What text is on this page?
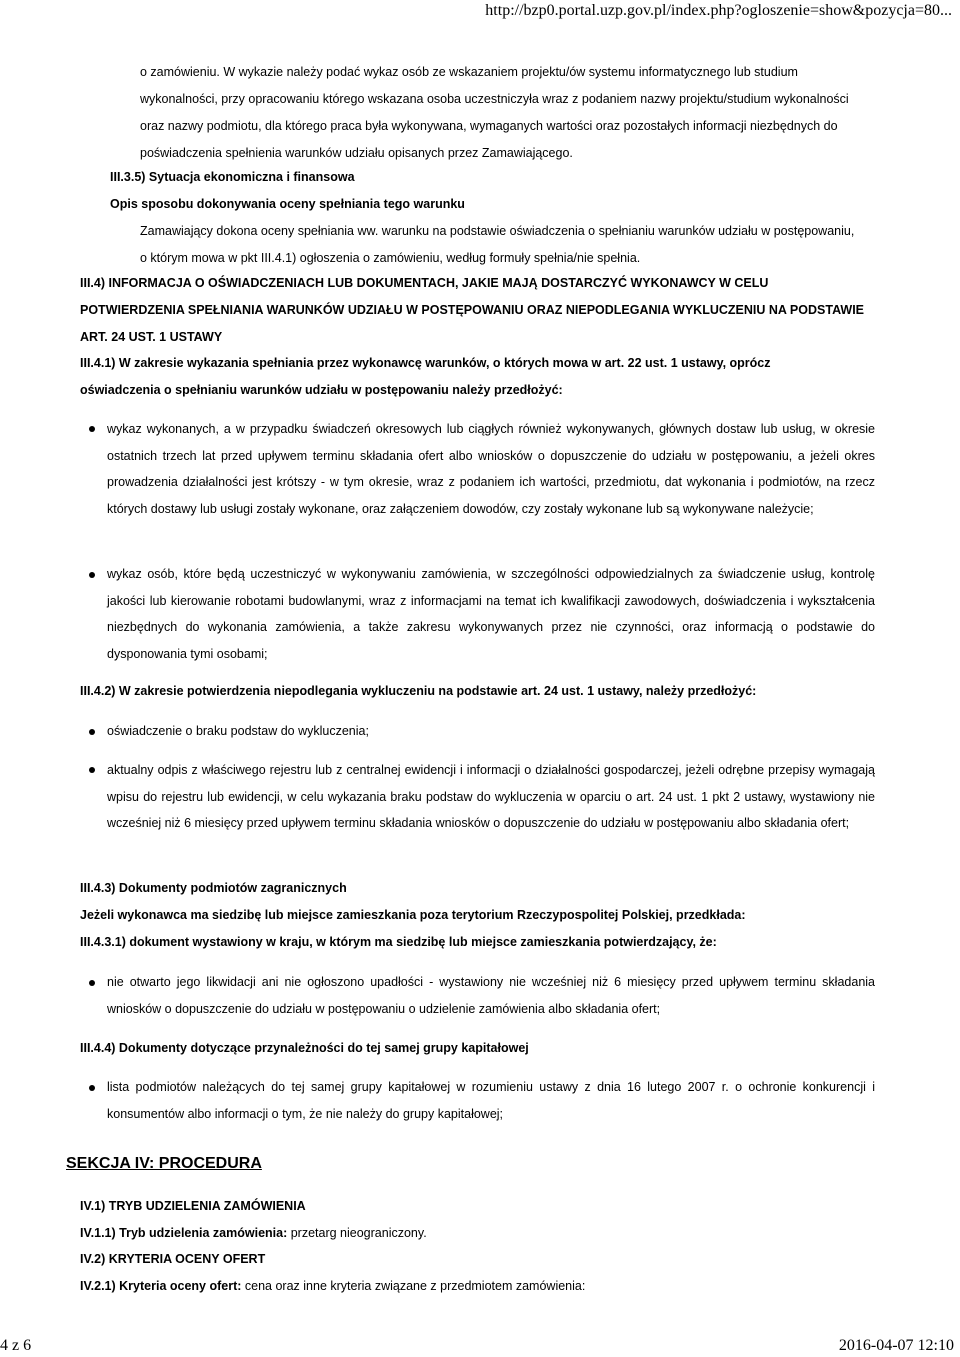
http://bzp0.portal.uzp.gov.pl/index.php?ogloszenie=show&pozycja=80...
o zamówieniu. W wykazie należy podać wykaz osób ze wskazaniem projektu/ów systemu informatycznego lub studium
wykonalności, przy opracowaniu którego wskazana osoba uczestniczyła wraz z podaniem nazwy projektu/studium wykonalności
oraz nazwy podmiotu, dla którego praca była wykonywana, wymaganych wartości oraz pozostałych informacji niezbędnych do
poświadczenia spełnienia warunków udziału opisanych przez Zamawiającego.
III.3.5) Sytuacja ekonomiczna i finansowa
Opis sposobu dokonywania oceny spełniania tego warunku
Zamawiający dokona oceny spełniania ww. warunku na podstawie oświadczenia o spełnianiu warunków udziału w postępowaniu,
o którym mowa w pkt III.4.1) ogłoszenia o zamówieniu, według formuły spełnia/nie spełnia.
III.4) INFORMACJA O OŚWIADCZENIACH LUB DOKUMENTACH, JAKIE MAJĄ DOSTARCZYĆ WYKONAWCY W CELU
POTWIERDZENIA SPEŁNIANIA WARUNKÓW UDZIAŁU W POSTĘPOWANIU ORAZ NIEPODLEGANIA WYKLUCZENIU NA PODSTAWIE
ART. 24 UST. 1 USTAWY
III.4.1) W zakresie wykazania spełniania przez wykonawcę warunków, o których mowa w art. 22 ust. 1 ustawy, oprócz
oświadczenia o spełnianiu warunków udziału w postępowaniu należy przedłożyć:
wykaz wykonanych, a w przypadku świadczeń okresowych lub ciągłych również wykonywanych, głównych dostaw lub usług, w okresie ostatnich trzech lat przed upływem terminu składania ofert albo wniosków o dopuszczenie do udziału w postępowaniu, a jeżeli okres prowadzenia działalności jest krótszy - w tym okresie, wraz z podaniem ich wartości, przedmiotu, dat wykonania i podmiotów, na rzecz których dostawy lub usługi zostały wykonane, oraz załączeniem dowodów, czy zostały wykonane lub są wykonywane należycie;
wykaz osób, które będą uczestniczyć w wykonywaniu zamówienia, w szczególności odpowiedzialnych za świadczenie usług, kontrolę jakości lub kierowanie robotami budowlanymi, wraz z informacjami na temat ich kwalifikacji zawodowych, doświadczenia i wykształcenia niezbędnych do wykonania zamówienia, a także zakresu wykonywanych przez nie czynności, oraz informacją o podstawie do dysponowania tymi osobami;
III.4.2) W zakresie potwierdzenia niepodlegania wykluczeniu na podstawie art. 24 ust. 1 ustawy, należy przedłożyć:
oświadczenie o braku podstaw do wykluczenia;
aktualny odpis z właściwego rejestru lub z centralnej ewidencji i informacji o działalności gospodarczej, jeżeli odrębne przepisy wymagają wpisu do rejestru lub ewidencji, w celu wykazania braku podstaw do wykluczenia w oparciu o art. 24 ust. 1 pkt 2 ustawy, wystawiony nie wcześniej niż 6 miesięcy przed upływem terminu składania wniosków o dopuszczenie do udziału w postępowaniu albo składania ofert;
III.4.3) Dokumenty podmiotów zagranicznych
Jeżeli wykonawca ma siedzibę lub miejsce zamieszkania poza terytorium Rzeczypospolitej Polskiej, przedkłada:
III.4.3.1) dokument wystawiony w kraju, w którym ma siedzibę lub miejsce zamieszkania potwierdzający, że:
nie otwarto jego likwidacji ani nie ogłoszono upadłości - wystawiony nie wcześniej niż 6 miesięcy przed upływem terminu składania wniosków o dopuszczenie do udziału w postępowaniu o udzielenie zamówienia albo składania ofert;
III.4.4) Dokumenty dotyczące przynależności do tej samej grupy kapitałowej
lista podmiotów należących do tej samej grupy kapitałowej w rozumieniu ustawy z dnia 16 lutego 2007 r. o ochronie konkurencji i konsumentów albo informacji o tym, że nie należy do grupy kapitałowej;
SEKCJA IV: PROCEDURA
IV.1) TRYB UDZIELENIA ZAMÓWIENIA
IV.1.1) Tryb udzielenia zamówienia: przetarg nieograniczony.
IV.2) KRYTERIA OCENY OFERT
IV.2.1) Kryteria oceny ofert: cena oraz inne kryteria związane z przedmiotem zamówienia:
4 z 6	2016-04-07 12:10
